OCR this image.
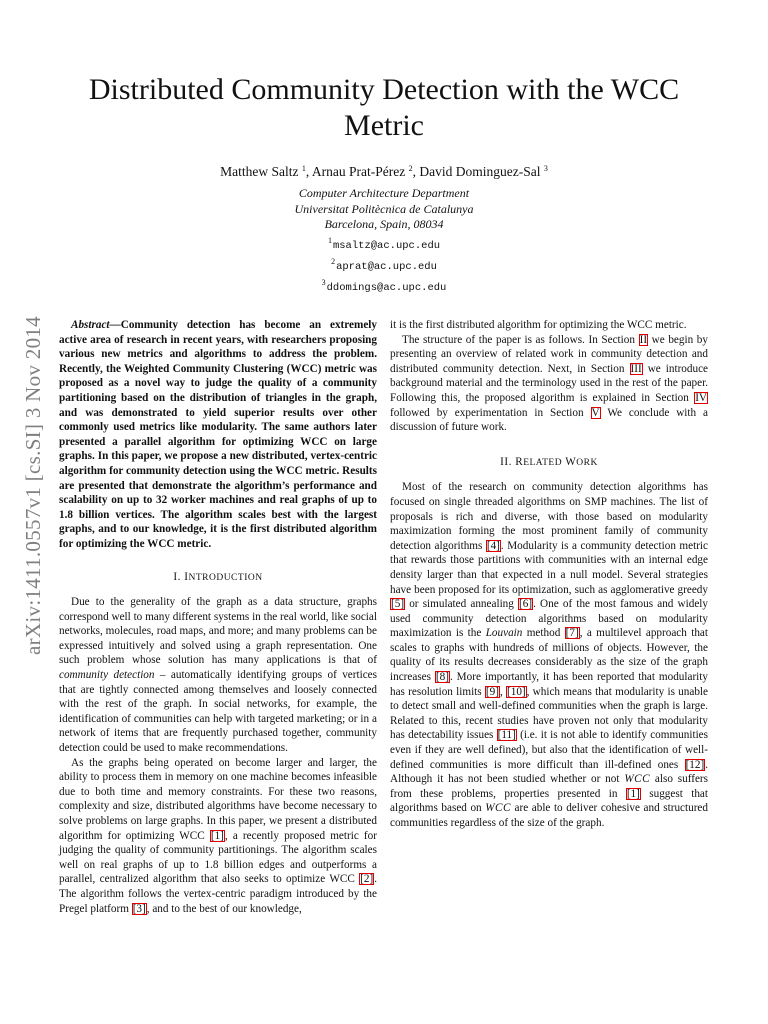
arXiv:1411.0557v1 [cs.SI] 3 Nov 2014
Distributed Community Detection with the WCC Metric
Matthew Saltz $^1$, Arnau Prat-Pérez $^2$, David Dominguez-Sal $^3$
Computer Architecture Department
Universitat Politècnica de Catalunya
Barcelona, Spain, 08034
$^1$msaltz@ac.upc.edu
$^2$aprat@ac.upc.edu
$^3$ddomings@ac.upc.edu

Abstract—Community detection has become an extremely active area of research in recent years, with researchers proposing various new metrics and algorithms to address the problem. Recently, the Weighted Community Clustering (WCC) metric was proposed as a novel way to judge the quality of a community partitioning based on the distribution of triangles in the graph, and was demonstrated to yield superior results over other commonly used metrics like modularity. The same authors later presented a parallel algorithm for optimizing WCC on large graphs. In this paper, we propose a new distributed, vertex-centric algorithm for community detection using the WCC metric. Results are presented that demonstrate the algorithm’s performance and scalability on up to 32 worker machines and real graphs of up to 1.8 billion vertices. The algorithm scales best with the largest graphs, and to our knowledge, it is the first distributed algorithm for optimizing the WCC metric.

I. INTRODUCTION

Due to the generality of the graph as a data structure, graphs correspond well to many different systems in the real world, like social networks, molecules, road maps, and more; and many problems can be expressed intuitively and solved using a graph representation. One such problem whose solution has many applications is that of community detection – automatically identifying groups of vertices that are tightly connected among themselves and loosely connected with the rest of the graph. In social networks, for example, the identification of communities can help with targeted marketing; or in a network of items that are frequently purchased together, community detection could be used to make recommendations.

As the graphs being operated on become larger and larger, the ability to process them in memory on one machine becomes infeasible due to both time and memory constraints. For these two reasons, complexity and size, distributed algorithms have become necessary to solve problems on large graphs. In this paper, we present a distributed algorithm for optimizing WCC [1], a recently proposed metric for judging the quality of community partitionings. The algorithm scales well on real graphs of up to 1.8 billion edges and outperforms a parallel, centralized algorithm that also seeks to optimize WCC [2]. The algorithm follows the vertex-centric paradigm introduced by the Pregel platform [3], and to the best of our knowledge,

it is the first distributed algorithm for optimizing the WCC metric.

The structure of the paper is as follows. In Section II we begin by presenting an overview of related work in community detection and distributed community detection. Next, in Section III we introduce background material and the terminology used in the rest of the paper. Following this, the proposed algorithm is explained in Section IV followed by experimentation in Section V We conclude with a discussion of future work.

II. RELATED WORK

Most of the research on community detection algorithms has focused on single threaded algorithms on SMP machines. The list of proposals is rich and diverse, with those based on modularity maximization forming the most prominent family of community detection algorithms [4]. Modularity is a community detection metric that rewards those partitions with communities with an internal edge density larger than that expected in a null model. Several strategies have been proposed for its optimization, such as agglomerative greedy [5] or simulated annealing [6]. One of the most famous and widely used community detection algorithms based on modularity maximization is the Louvain method [7], a multilevel approach that scales to graphs with hundreds of millions of objects. However, the quality of its results decreases considerably as the size of the graph increases [8]. More importantly, it has been reported that modularity has resolution limits [9], [10], which means that modularity is unable to detect small and well-defined communities when the graph is large. Related to this, recent studies have proven not only that modularity has detectability issues [11] (i.e. it is not able to identify communities even if they are well defined), but also that the identification of well-defined communities is more difficult than ill-defined ones [12]. Although it has not been studied whether or not WCC also suffers from these problems, properties presented in [1] suggest that algorithms based on WCC are able to deliver cohesive and structured communities regardless of the size of the graph.
